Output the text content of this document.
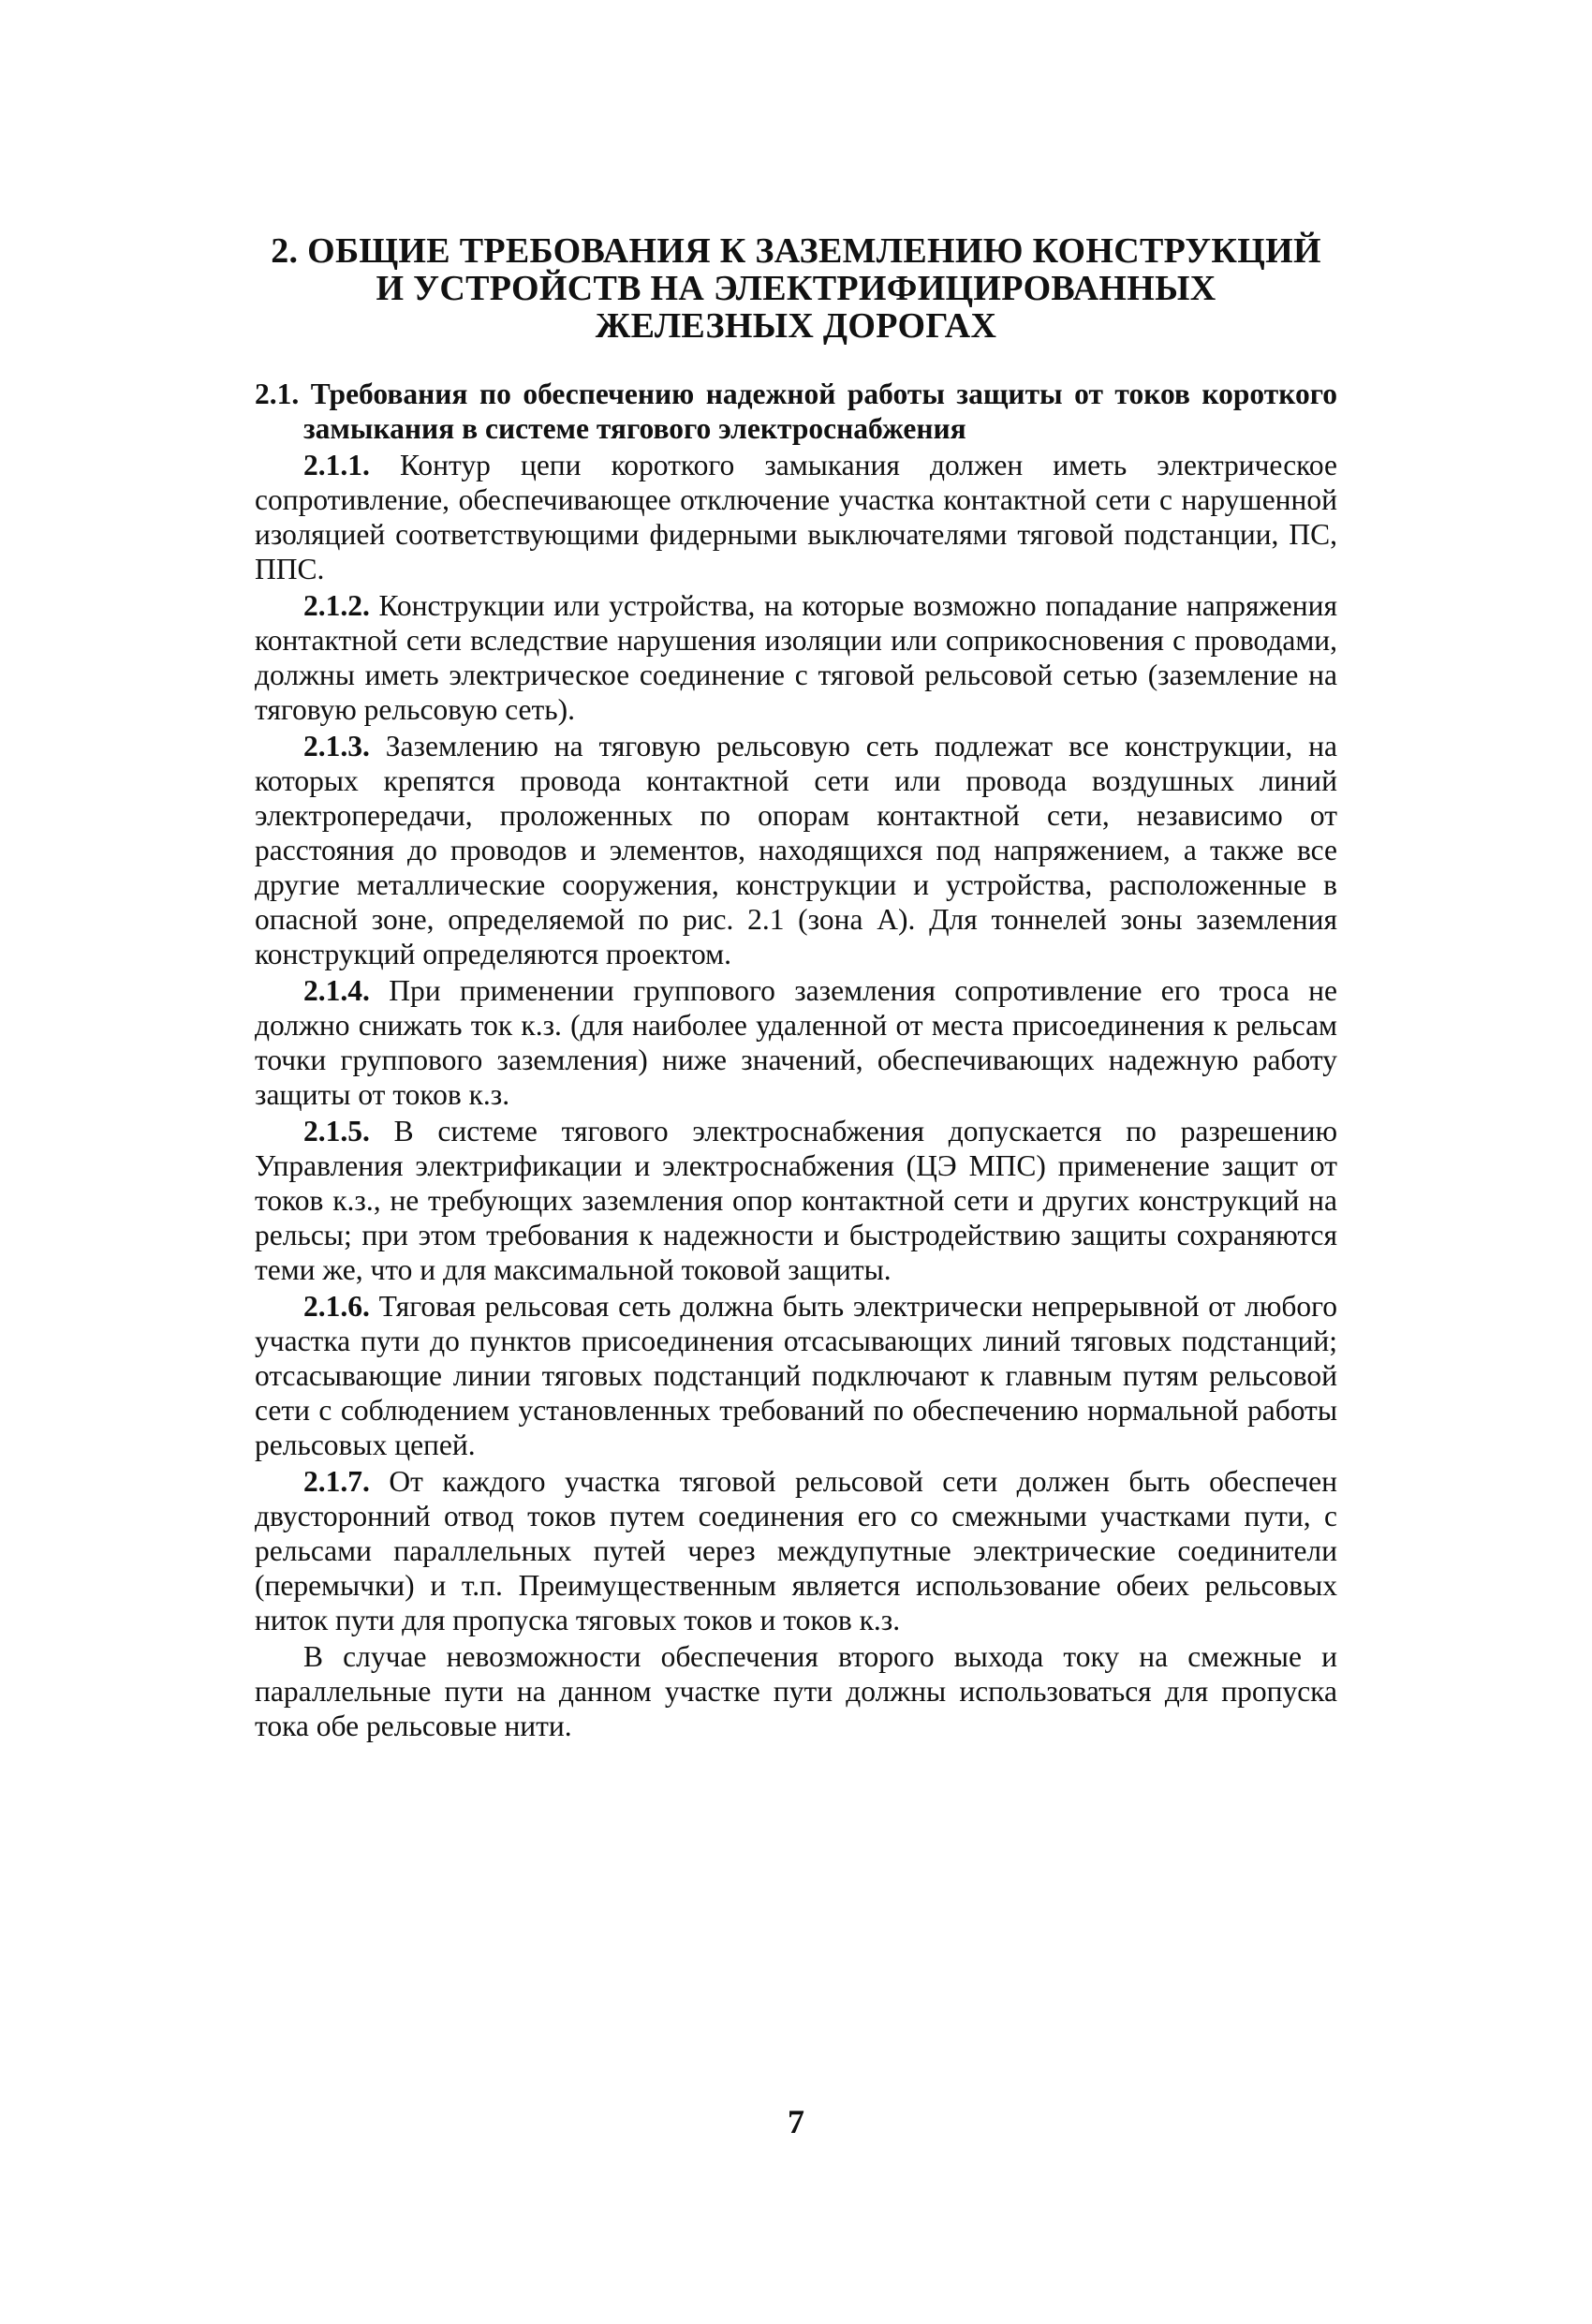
2. ОБЩИЕ ТРЕБОВАНИЯ К ЗАЗЕМЛЕНИЮ КОНСТРУКЦИЙ
И УСТРОЙСТВ НА ЭЛЕКТРИФИЦИРОВАННЫХ
ЖЕЛЕЗНЫХ ДОРОГАХ
2.1. Требования по обеспечению надежной работы защиты от токов короткого замыкания в системе тягового электроснабжения

2.1.1. Контур цепи короткого замыкания должен иметь электрическое сопротивление, обеспечивающее отключение участка контактной сети с нарушенной изоляцией соответствующими фидерными выключателями тяговой подстанции, ПС, ППС.

2.1.2. Конструкции или устройства, на которые возможно попадание напряжения контактной сети вследствие нарушения изоляции или соприкосновения с проводами, должны иметь электрическое соединение с тяговой рельсовой сетью (заземление на тяговую рельсовую сеть).

2.1.3. Заземлению на тяговую рельсовую сеть подлежат все конструкции, на которых крепятся провода контактной сети или провода воздушных линий электропередачи, проложенных по опорам контактной сети, независимо от расстояния до проводов и элементов, находящихся под напряжением, а также все другие металлические сооружения, конструкции и устройства, расположенные в опасной зоне, определяемой по рис. 2.1 (зона А). Для тоннелей зоны заземления конструкций определяются проектом.

2.1.4. При применении группового заземления сопротивление его троса не должно снижать ток к.з. (для наиболее удаленной от места присоединения к рельсам точки группового заземления) ниже значений, обеспечивающих надежную работу защиты от токов к.з.

2.1.5. В системе тягового электроснабжения допускается по разрешению Управления электрификации и электроснабжения (ЦЭ МПС) применение защит от токов к.з., не требующих заземления опор контактной сети и других конструкций на рельсы; при этом требования к надежности и быстродействию защиты сохраняются теми же, что и для максимальной токовой защиты.

2.1.6. Тяговая рельсовая сеть должна быть электрически непрерывной от любого участка пути до пунктов присоединения отсасывающих линий тяговых подстанций; отсасывающие линии тяговых подстанций подключают к главным путям рельсовой сети с соблюдением установленных требований по обеспечению нормальной работы рельсовых цепей.

2.1.7. От каждого участка тяговой рельсовой сети должен быть обеспечен двусторонний отвод токов путем соединения его со смежными участками пути, с рельсами параллельных путей через междупутные электрические соединители (перемычки) и т.п. Преимущественным является использование обеих рельсовых ниток пути для пропуска тяговых токов и токов к.з.

В случае невозможности обеспечения второго выхода току на смежные и параллельные пути на данном участке пути должны использоваться для пропуска тока обе рельсовые нити.

7
